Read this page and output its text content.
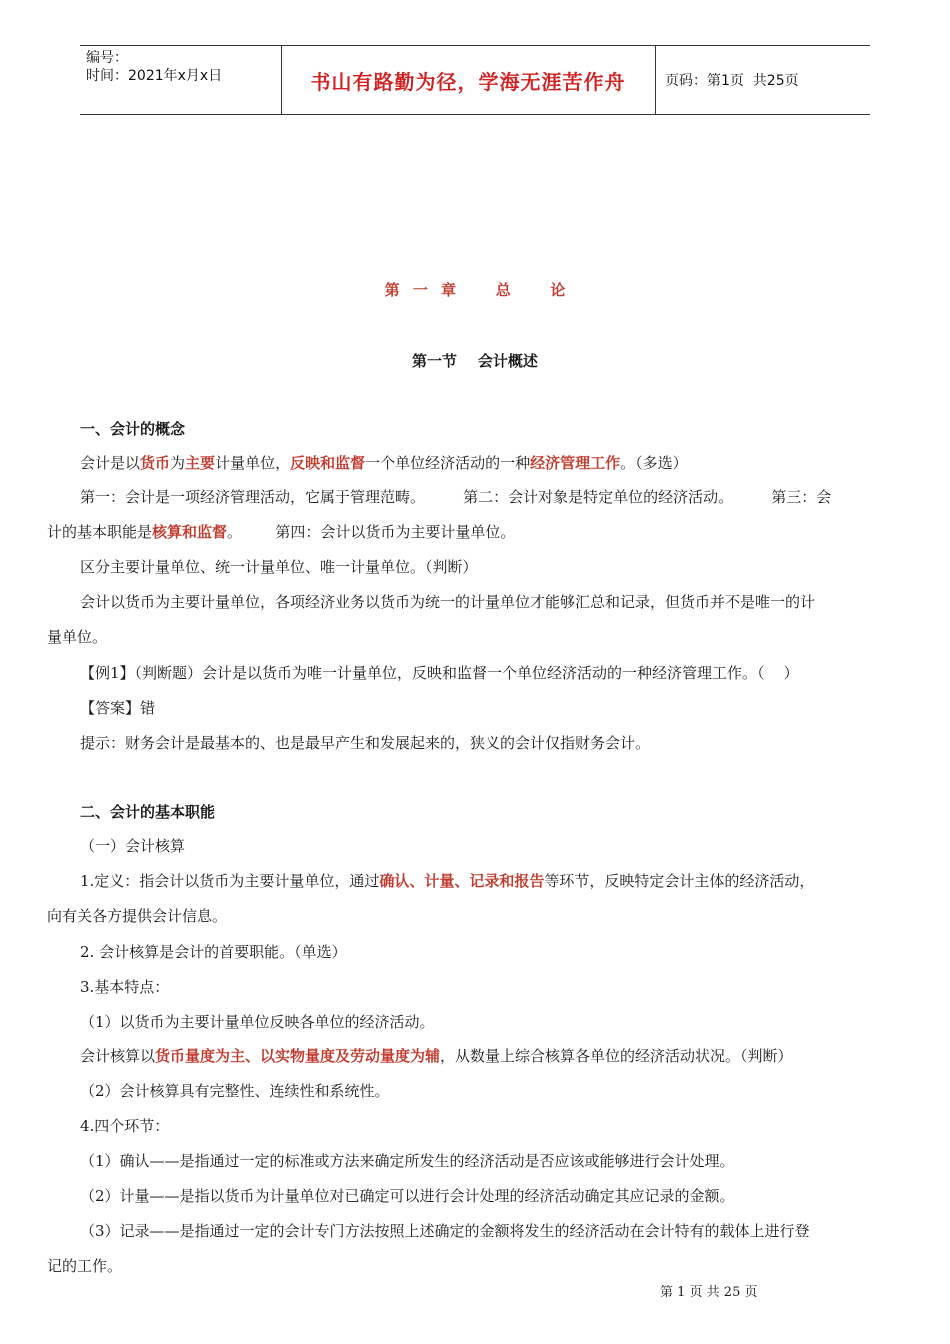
编号：
时间：2021年x月x日	书山有路勤为径，学海无涯苦作舟	页码：第1页  共25页
第 一 章   总   论
第一节    会计概述
一、会计的概念
会计是以货币为主要计量单位，反映和监督一个单位经济活动的一种经济管理工作。（多选）
第一：会计是一项经济管理活动，它属于管理范畴。        第二：会计对象是特定单位的经济活动。        第三：会
计的基本职能是核算和监督。       第四：会计以货币为主要计量单位。
区分主要计量单位、统一计量单位、唯一计量单位。（判断）
会计以货币为主要计量单位，各项经济业务以货币为统一的计量单位才能够汇总和记录，但货币并不是唯一的计
量单位。
【例1】（判断题）会计是以货币为唯一计量单位，反映和监督一个单位经济活动的一种经济管理工作。（    ）
【答案】错
提示：财务会计是最基本的、也是最早产生和发展起来的，狭义的会计仅指财务会计。
二、会计的基本职能
（一）会计核算
1.定义：指会计以货币为主要计量单位，通过确认、计量、记录和报告等环节，反映特定会计主体的经济活动，
向有关各方提供会计信息。
2. 会计核算是会计的首要职能。（单选）
3.基本特点：
（1）以货币为主要计量单位反映各单位的经济活动。
会计核算以货币量度为主、以实物量度及劳动量度为辅，从数量上综合核算各单位的经济活动状况。（判断）
（2）会计核算具有完整性、连续性和系统性。
4.四个环节：
（1）确认——是指通过一定的标准或方法来确定所发生的经济活动是否应该或能够进行会计处理。
（2）计量——是指以货币为计量单位对已确定可以进行会计处理的经济活动确定其应记录的金额。
（3）记录——是指通过一定的会计专门方法按照上述确定的金额将发生的经济活动在会计特有的载体上进行登
记的工作。
第 1 页 共 25 页
